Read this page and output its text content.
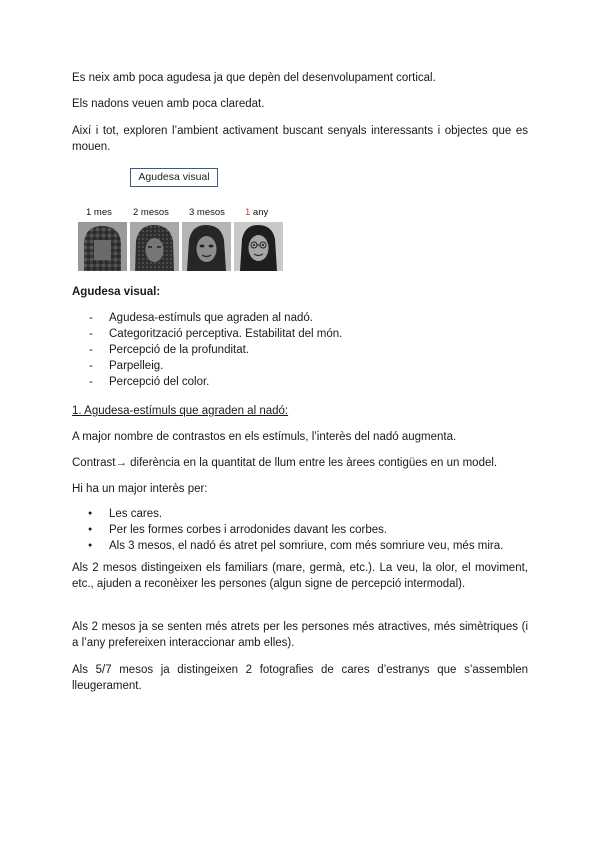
Es neix amb poca agudesa ja que depèn del desenvolupament cortical.

Els nadons veuen amb poca claredat.

Així i tot, exploren l’ambient activament buscant senyals interessants i objectes que es mouen.

Agudesa visual
1 mes 2 mesos 3 mesos 1 any
Agudesa visual:
- Agudesa-estímuls que agraden al nadó.
- Categorització perceptiva. Estabilitat del món.
- Percepció de la profunditat.
- Parpelleig.
- Percepció del color.

1. Agudesa-estímuls que agraden al nadó:

A major nombre de contrastos en els estímuls, l’interès del nadó augmenta.

Contrast→ diferència en la quantitat de llum entre les àrees contigües en un model.

Hi ha un major interès per:

● Les cares.
● Per les formes corbes i arrodonides davant les corbes.
● Als 3 mesos, el nadó és atret pel somriure, com més somriure veu, més mira.

Als 2 mesos distingeixen els familiars (mare, germà, etc.). La veu, la olor, el moviment, etc., ajuden a reconèixer les persones (algun signe de percepció intermodal).

Als 2 mesos ja se senten més atrets per les persones més atractives, més simètriques (i a l’any prefereixen interaccionar amb elles).

Als 5/7 mesos ja distingeixen 2 fotografies de cares d’estranys que s’assemblen lleugerament.
